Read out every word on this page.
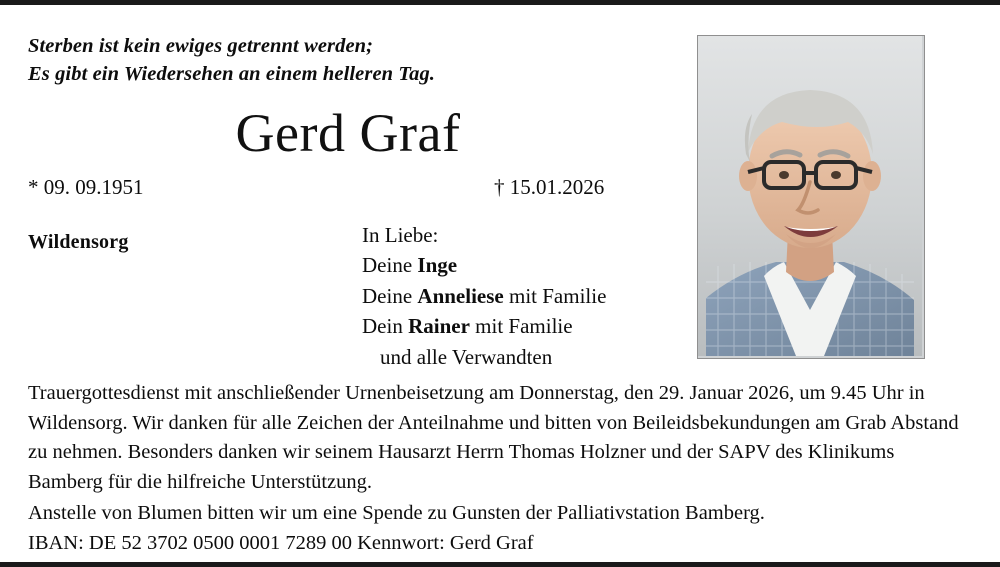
Sterben ist kein ewiges getrennt werden;
Es gibt ein Wiedersehen an einem helleren Tag.
Gerd Graf
* 09. 09.1951	† 15.01.2026
Wildensorg	In Liebe:
Deine Inge
Deine Anneliese mit Familie
Dein Rainer mit Familie
und alle Verwandten

Trauergottesdienst mit anschließender Urnenbeisetzung am Donnerstag, den 29. Januar 2026, um 9.45 Uhr in Wildensorg. Wir danken für alle Zeichen der Anteilnahme und bitten von Beileidsbekundungen am Grab Abstand zu nehmen. Besonders danken wir seinem Hausarzt Herrn Thomas Holzner und der SAPV des Klinikums Bamberg für die hilfreiche Unterstützung.

Anstelle von Blumen bitten wir um eine Spende zu Gunsten der Palliativstation Bamberg.

IBAN: DE 52 3702 0500 0001 7289 00 Kennwort: Gerd Graf
